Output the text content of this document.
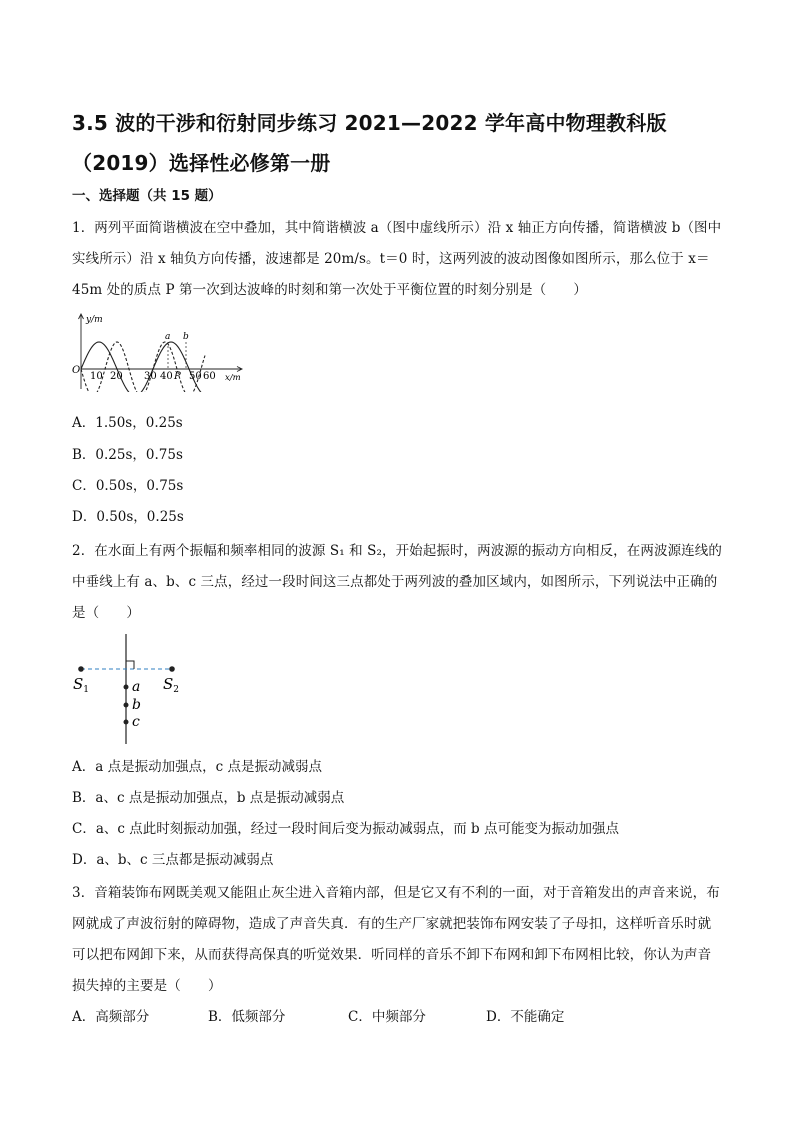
3.5 波的干涉和衍射同步练习 2021—2022 学年高中物理教科版（2019）选择性必修第一册
一、选择题（共 15 题）
1．两列平面简谐横波在空中叠加，其中简谐横波 a（图中虚线所示）沿 x 轴正方向传播，简谐横波 b（图中实线所示）沿 x 轴负方向传播，波速都是 20m/s。t＝0 时，这两列波的波动图像如图所示，那么位于 x＝45m 处的质点 P 第一次到达波峰的时刻和第一次处于平衡位置的时刻分别是（　　）
y/m
O
x/m
10 20 30 40 P 50 60
a b
A．1.50s，0.25s
B．0.25s，0.75s
C．0.50s，0.75s
D．0.50s，0.25s
2．在水面上有两个振幅和频率相同的波源 S₁ 和 S₂，开始起振时，两波源的振动方向相反，在两波源连线的中垂线上有 a、b、c 三点，经过一段时间这三点都处于两列波的叠加区域内，如图所示，下列说法中正确的是（　　）
$S_1$	$S_2$
a
b
c
A．a 点是振动加强点，c 点是振动减弱点
B．a、c 点是振动加强点，b 点是振动减弱点
C．a、c 点此时刻振动加强，经过一段时间后变为振动减弱点，而 b 点可能变为振动加强点
D．a、b、c 三点都是振动减弱点
3．音箱装饰布网既美观又能阻止灰尘进入音箱内部，但是它又有不利的一面，对于音箱发出的声音来说，布网就成了声波衍射的障碍物，造成了声音失真．有的生产厂家就把装饰布网安装了子母扣，这样听音乐时就可以把布网卸下来，从而获得高保真的听觉效果．听同样的音乐不卸下布网和卸下布网相比较，你认为声音损失掉的主要是（　　）
A．高频部分	B．低频部分	C．中频部分	D．不能确定
